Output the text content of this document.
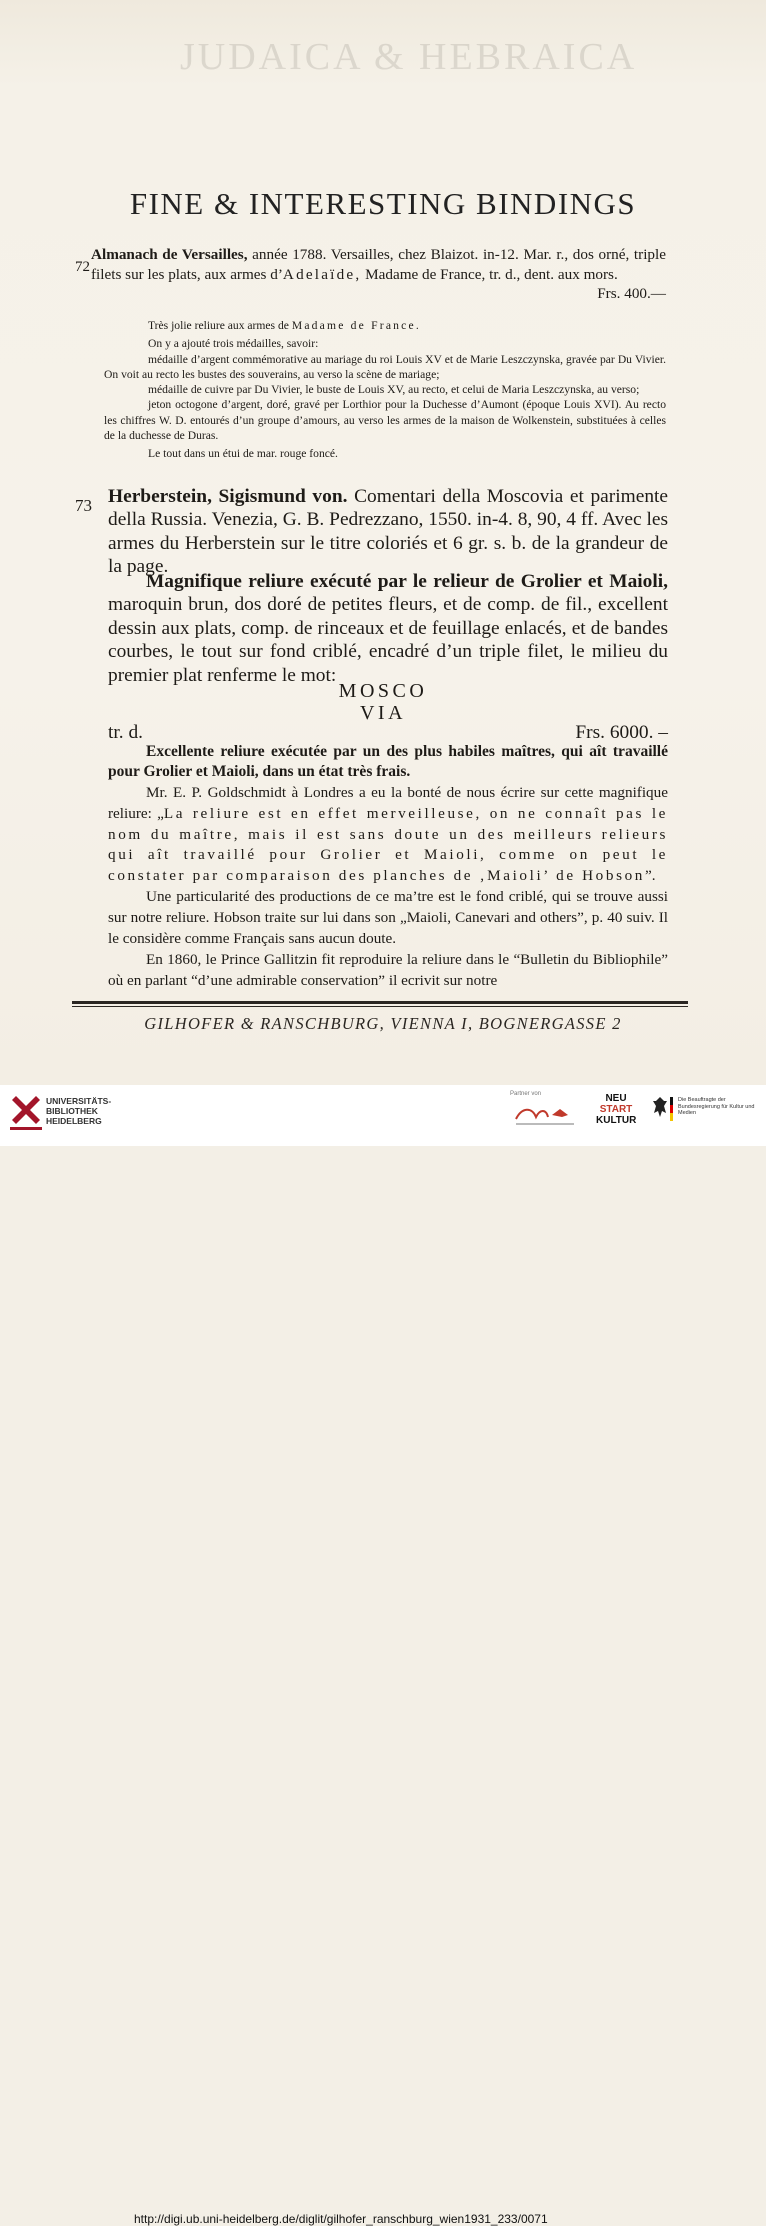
JUDAICA & HEBRAICA
FINE & INTERESTING BINDINGS
72

Almanach de Versailles, année 1788. Versailles, chez Blaizot. in-12. Mar. r., dos orné, triple filets sur les plats, aux armes d’Adelaïde, Madame de France, tr. d., dent. aux mors.
Frs. 400.—

Très jolie reliure aux armes de Madame de France.

On y a ajouté trois médailles, savoir:

médaille d’argent commémorative au mariage du roi Louis XV et de Marie Leszczynska, gravée par Du Vivier. On voit au recto les bustes des souverains, au verso la scène de mariage;

médaille de cuivre par Du Vivier, le buste de Louis XV, au recto, et celui de Maria Leszczynska, au verso;

jeton octogone d’argent, doré, gravé per Lorthior pour la Duchesse d’Aumont (époque Louis XVI). Au recto les chiffres W. D. entourés d’un groupe d’amours, au verso les armes de la maison de Wolkenstein, substituées à celles de la duchesse de Duras.

Le tout dans un étui de mar. rouge foncé.

73 Herberstein, Sigismund von. Comentari della Moscovia et parimente della Russia. Venezia, G. B. Pedrezzano, 1550. in-4. 8, 90, 4 ff. Avec les armes du Herberstein sur le titre coloriés et 6 gr. s. b. de la grandeur de la page.

Magnifique reliure exécuté par le relieur de Grolier et Maioli, maroquin brun, dos doré de petites fleurs, et de comp. de fil., excellent dessin aux plats, comp. de rinceaux et de feuillage enlacés, et de bandes courbes, le tout sur fond criblé, encadré d’un triple filet, le milieu du premier plat renferme le mot:

MOSCO
VIA
tr. d.	Frs. 6000. –

Excellente reliure exécutée par un des plus habiles maîtres, qui aît travaillé pour Grolier et Maioli, dans un état très frais.

Mr. E. P. Goldschmidt à Londres a eu la bonté de nous écrire sur cette magnifique reliure: „La reliure est en effet merveilleuse, on ne connaît pas le nom du maître, mais il est sans doute un des meilleurs relieurs qui aît travaillé pour Grolier et Maioli, comme on peut le constater par comparaison des planches de ‚Maioli’ de Hobson”.

Une particularité des productions de ce ma’tre est le fond criblé, qui se trouve aussi sur notre reliure. Hobson traite sur lui dans son „Maioli, Canevari and others”, p. 40 suiv. Il le considère comme Français sans aucun doute.

En 1860, le Prince Gallitzin fit reproduire la reliure dans le “Bulletin du Bibliophile” où en parlant “d’une admirable conservation” il ecrivit sur notre

GILHOFER & RANSCHBURG, VIENNA I, BOGNERGASSE 2
UNIVERSITÄTS-
BIBLIOTHEK
HEIDELBERG
Partner von	NEU
START
KULTUR
Die Beauftragte der Bundesregierung für Kultur und Medien
http://digi.ub.uni-heidelberg.de/diglit/gilhofer_ranschburg_wien1931_233/0071
